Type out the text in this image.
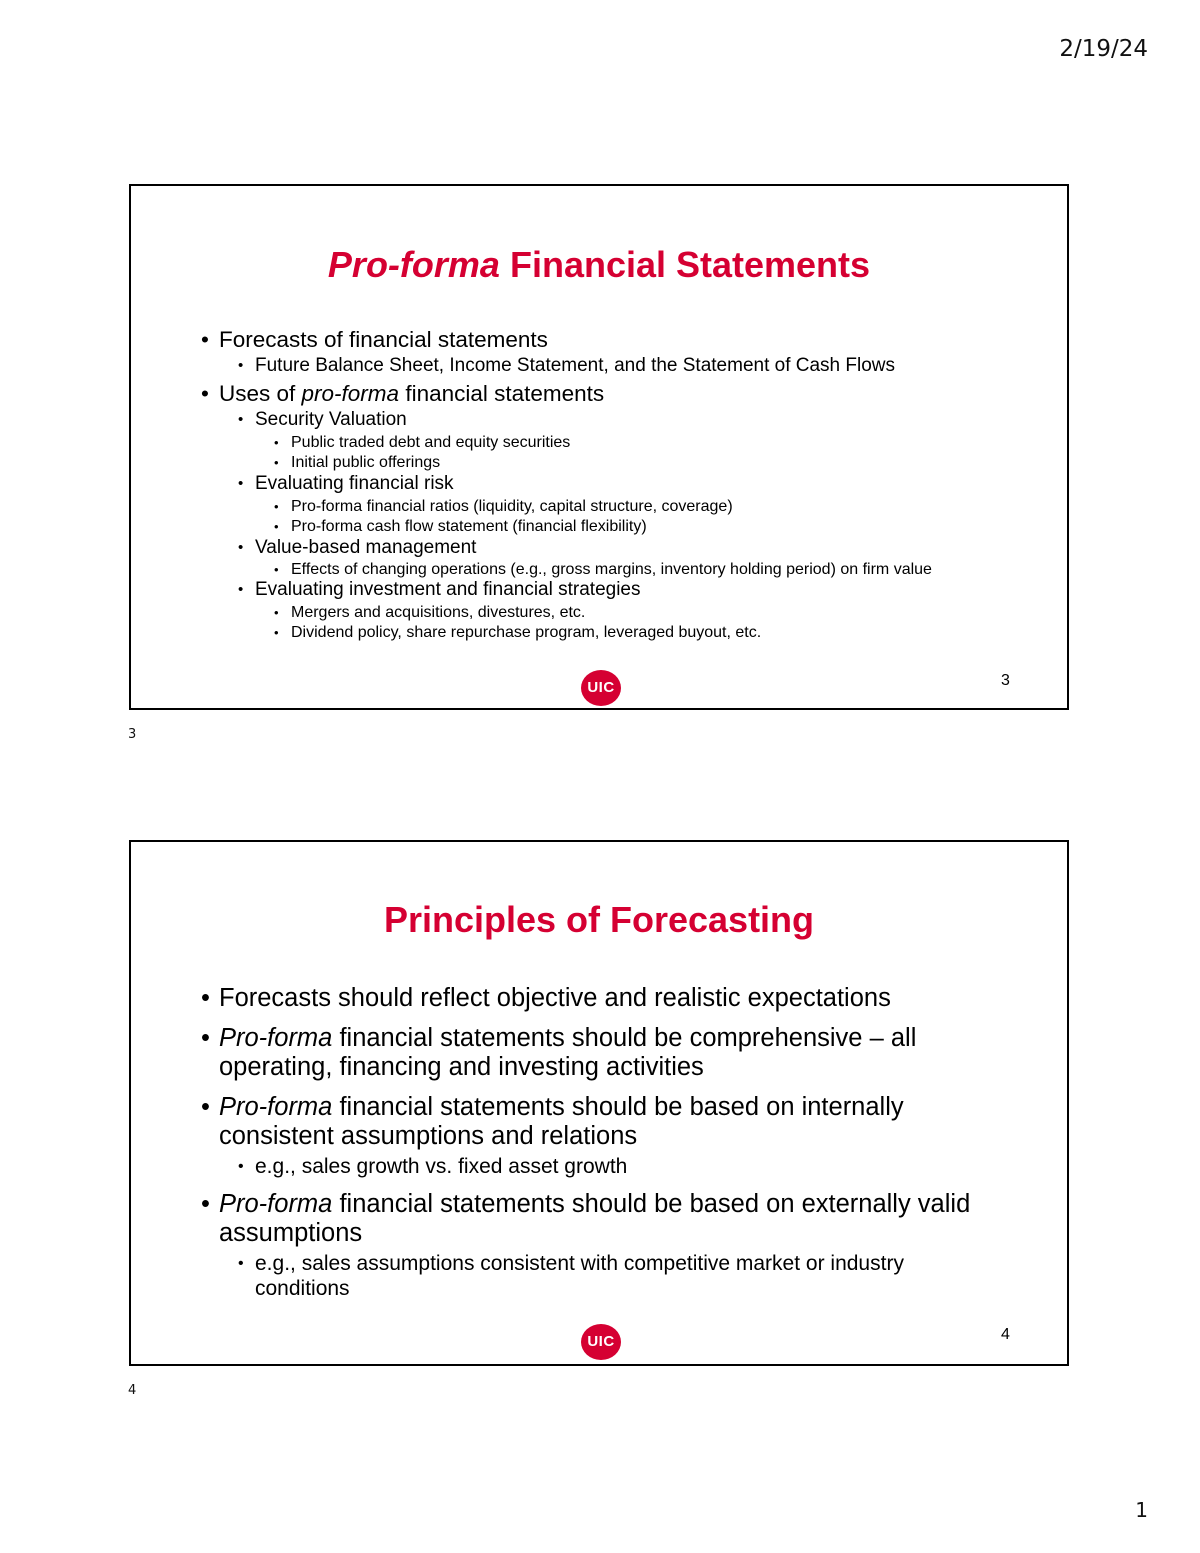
2/19/24
Pro-forma Financial Statements
• Forecasts of financial statements
• Future Balance Sheet, Income Statement, and the Statement of Cash Flows
• Uses of pro-forma financial statements
• Security Valuation
• Public traded debt and equity securities
• Initial public offerings
• Evaluating financial risk
• Pro-forma financial ratios (liquidity, capital structure, coverage)
• Pro-forma cash flow statement (financial flexibility)
• Value-based management
• Effects of changing operations (e.g., gross margins, inventory holding period) on firm value
• Evaluating investment and financial strategies
• Mergers and acquisitions, divestures, etc.
• Dividend policy, share repurchase program, leveraged buyout, etc.
UIC	3
3
Principles of Forecasting
• Forecasts should reflect objective and realistic expectations
• Pro-forma financial statements should be comprehensive – all operating, financing and investing activities
• Pro-forma financial statements should be based on internally consistent assumptions and relations
• e.g., sales growth vs. fixed asset growth
• Pro-forma financial statements should be based on externally valid assumptions
• e.g., sales assumptions consistent with competitive market or industry conditions
UIC	4
4
1
